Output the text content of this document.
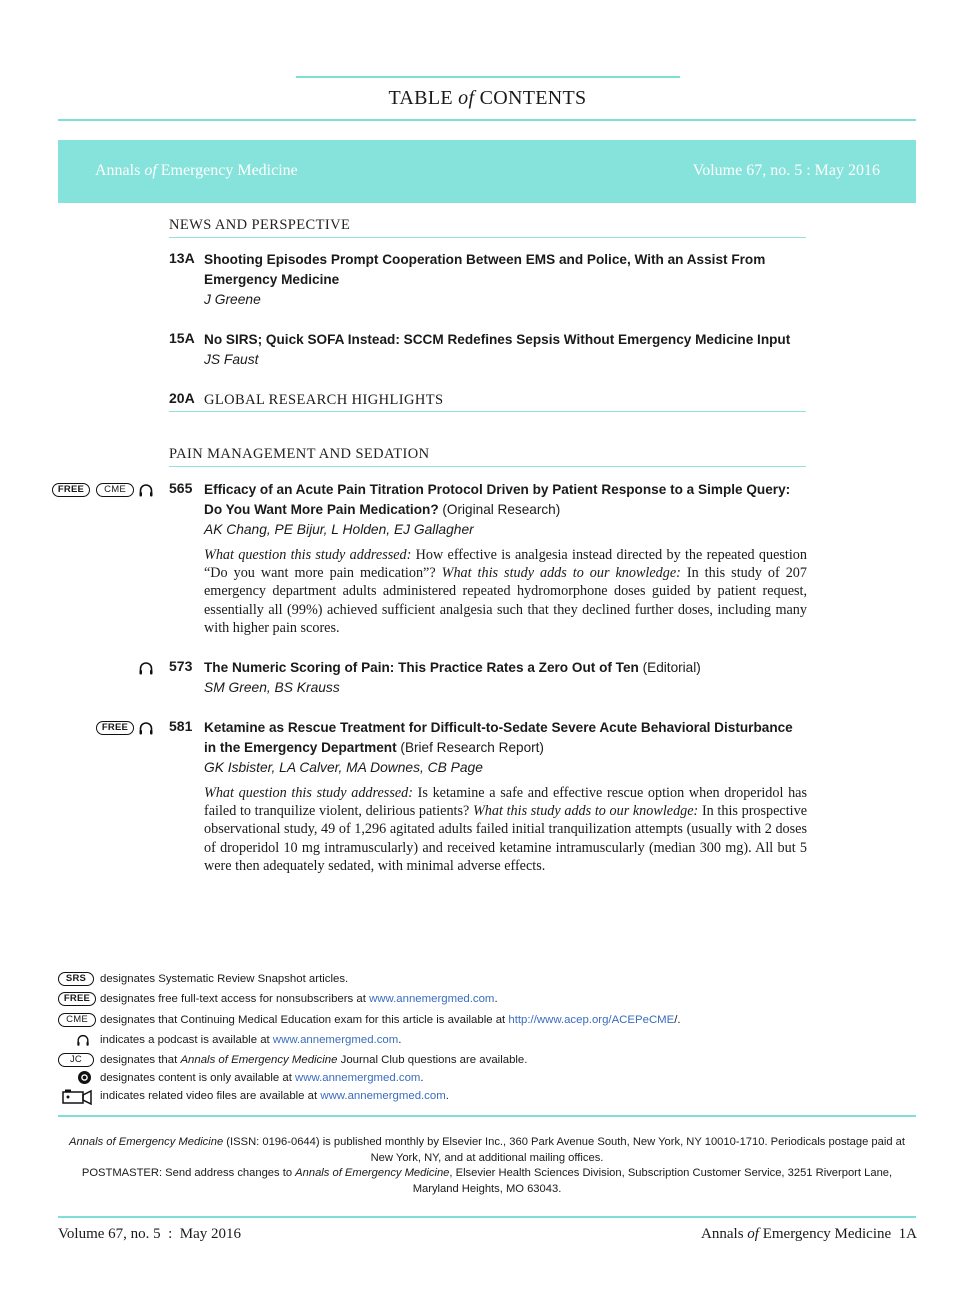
TABLE of CONTENTS
Annals of Emergency Medicine	Volume 67, no. 5 : May 2016
NEWS AND PERSPECTIVE
13A Shooting Episodes Prompt Cooperation Between EMS and Police, With an Assist From Emergency Medicine
J Greene
15A No SIRS; Quick SOFA Instead: SCCM Redefines Sepsis Without Emergency Medicine Input
JS Faust
20A GLOBAL RESEARCH HIGHLIGHTS
PAIN MANAGEMENT AND SEDATION
FREE	CME	565 Efficacy of an Acute Pain Titration Protocol Driven by Patient Response to a Simple Query: Do You Want More Pain Medication? (Original Research)
AK Chang, PE Bijur, L Holden, EJ Gallagher
What question this study addressed: How effective is analgesia instead directed by the repeated question “Do you want more pain medication”? What this study adds to our knowledge: In this study of 207 emergency department adults administered repeated hydromorphone doses guided by patient request, essentially all (99%) achieved sufficient analgesia such that they declined further doses, including many with higher pain scores.
573 The Numeric Scoring of Pain: This Practice Rates a Zero Out of Ten (Editorial)
SM Green, BS Krauss
FREE	581 Ketamine as Rescue Treatment for Difficult-to-Sedate Severe Acute Behavioral Disturbance in the Emergency Department (Brief Research Report)
GK Isbister, LA Calver, MA Downes, CB Page
What question this study addressed: Is ketamine a safe and effective rescue option when droperidol has failed to tranquilize violent, delirious patients? What this study adds to our knowledge: In this prospective observational study, 49 of 1,296 agitated adults failed initial tranquilization attempts (usually with 2 doses of droperidol 10 mg intramuscularly) and received ketamine intramuscularly (median 300 mg). All but 5 were then adequately sedated, with minimal adverse effects.
SRS	designates Systematic Review Snapshot articles.
FREE designates free full-text access for nonsubscribers at www.annemergmed.com.
CME	designates that Continuing Medical Education exam for this article is available at http://www.acep.org/ACEPeCME/.
indicates a podcast is available at www.annemergmed.com.
JC	designates that Annals of Emergency Medicine Journal Club questions are available.
designates content is only available at www.annemergmed.com.
indicates related video files are available at www.annemergmed.com.
Annals of Emergency Medicine (ISSN: 0196-0644) is published monthly by Elsevier Inc., 360 Park Avenue South, New York, NY 10010-1710. Periodicals postage paid at New York, NY, and at additional mailing offices.
POSTMASTER: Send address changes to Annals of Emergency Medicine, Elsevier Health Sciences Division, Subscription Customer Service, 3251 Riverport Lane, Maryland Heights, MO 63043.
Volume 67, no. 5  :  May 2016	Annals of Emergency Medicine 1A
